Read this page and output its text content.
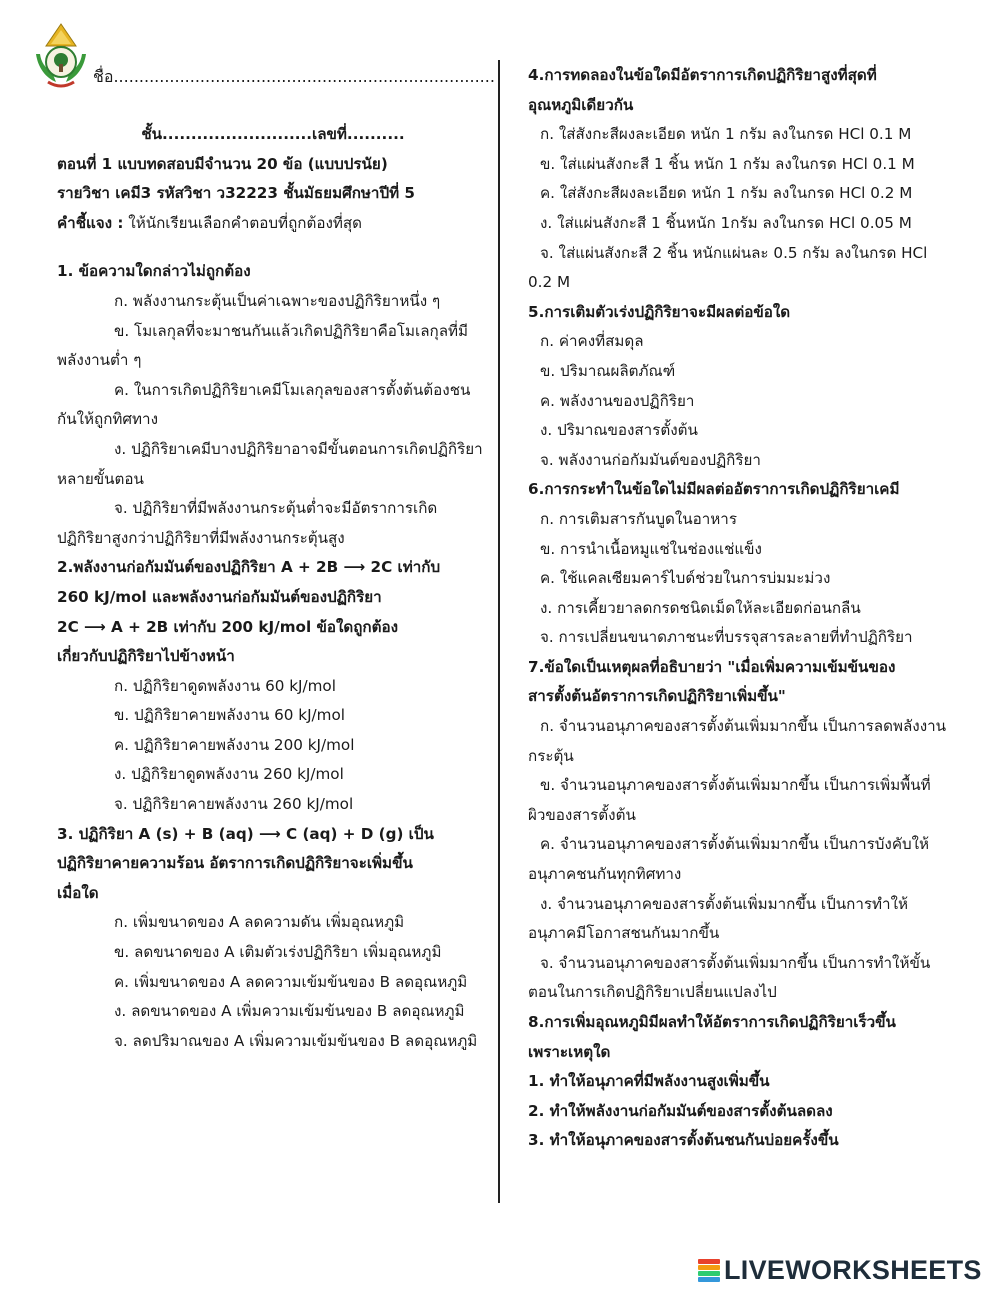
ชื่อ...........................................................................
ชั้น..........................เลขที่..........
ตอนที่ 1 แบบทดสอบมีจำนวน 20 ข้อ (แบบปรนัย)
รายวิชา เคมี3 รหัสวิชา ว32223 ชั้นมัธยมศึกษาปีที่ 5
คำชี้แจง : ให้นักเรียนเลือกคำตอบที่ถูกต้องที่สุด
1. ข้อความใดกล่าวไม่ถูกต้อง
ก. พลังงานกระตุ้นเป็นค่าเฉพาะของปฏิกิริยาหนึ่ง ๆ
ข. โมเลกุลที่จะมาชนกันแล้วเกิดปฏิกิริยาคือโมเลกุลที่มีพลังงานต่ำ ๆ
ค. ในการเกิดปฏิกิริยาเคมีโมเลกุลของสารตั้งต้นต้องชนกันให้ถูกทิศทาง
ง. ปฏิกิริยาเคมีบางปฏิกิริยาอาจมีขั้นตอนการเกิดปฏิกิริยาหลายขั้นตอน
จ. ปฏิกิริยาที่มีพลังงานกระตุ้นต่ำจะมีอัตราการเกิดปฏิกิริยาสูงกว่าปฏิกิริยาที่มีพลังงานกระตุ้นสูง
2.พลังงานก่อกัมมันต์ของปฏิกิริยา A + 2B ⟶ 2C เท่ากับ
260 kJ/mol และพลังงานก่อกัมมันต์ของปฏิกิริยา
2C ⟶ A + 2B เท่ากับ 200 kJ/mol ข้อใดถูกต้อง
เกี่ยวกับปฏิกิริยาไปข้างหน้า
ก. ปฏิกิริยาดูดพลังงาน 60 kJ/mol
ข. ปฏิกิริยาคายพลังงาน 60 kJ/mol
ค. ปฏิกิริยาคายพลังงาน 200 kJ/mol
ง. ปฏิกิริยาดูดพลังงาน 260 kJ/mol
จ. ปฏิกิริยาคายพลังงาน 260 kJ/mol
3. ปฏิกิริยา A (s) + B (aq) ⟶ C (aq) + D (g) เป็น
ปฏิกิริยาคายความร้อน อัตราการเกิดปฏิกิริยาจะเพิ่มขึ้น
เมื่อใด
ก. เพิ่มขนาดของ A ลดความดัน เพิ่มอุณหภูมิ
ข. ลดขนาดของ A เติมตัวเร่งปฏิกิริยา เพิ่มอุณหภูมิ
ค. เพิ่มขนาดของ A ลดความเข้มข้นของ B ลดอุณหภูมิ
ง. ลดขนาดของ A เพิ่มความเข้มข้นของ B ลดอุณหภูมิ
จ. ลดปริมาณของ A เพิ่มความเข้มข้นของ B ลดอุณหภูมิ
4.การทดลองในข้อใดมีอัตราการเกิดปฏิกิริยาสูงที่สุดที่
อุณหภูมิเดียวกัน
ก. ใส่สังกะสีผงละเอียด หนัก 1 กรัม ลงในกรด HCl 0.1 M
ข. ใส่แผ่นสังกะสี 1 ชิ้น หนัก 1 กรัม ลงในกรด HCl 0.1 M
ค. ใส่สังกะสีผงละเอียด หนัก 1 กรัม ลงในกรด HCl 0.2 M
ง. ใส่แผ่นสังกะสี 1 ชิ้นหนัก 1กรัม ลงในกรด HCl 0.05 M
จ. ใส่แผ่นสังกะสี 2 ชิ้น หนักแผ่นละ 0.5 กรัม ลงในกรด HCl 0.2 M
5.การเติมตัวเร่งปฏิกิริยาจะมีผลต่อข้อใด
ก. ค่าคงที่สมดุล
ข. ปริมาณผลิตภัณฑ์
ค. พลังงานของปฏิกิริยา
ง. ปริมาณของสารตั้งต้น
จ. พลังงานก่อกัมมันต์ของปฏิกิริยา
6.การกระทำในข้อใดไม่มีผลต่ออัตราการเกิดปฏิกิริยาเคมี
ก. การเติมสารกันบูดในอาหาร
ข. การนำเนื้อหมูแช่ในช่องแช่แข็ง
ค. ใช้แคลเซียมคาร์ไบด์ช่วยในการบ่มมะม่วง
ง. การเคี้ยวยาลดกรดชนิดเม็ดให้ละเอียดก่อนกลืน
จ. การเปลี่ยนขนาดภาชนะที่บรรจุสารละลายที่ทำปฏิกิริยา
7.ข้อใดเป็นเหตุผลที่อธิบายว่า "เมื่อเพิ่มความเข้มข้นของ
สารตั้งต้นอัตราการเกิดปฏิกิริยาเพิ่มขึ้น"
ก. จำนวนอนุภาคของสารตั้งต้นเพิ่มมากขึ้น เป็นการลดพลังงานกระตุ้น
ข. จำนวนอนุภาคของสารตั้งต้นเพิ่มมากขึ้น เป็นการเพิ่มพื้นที่ผิวของสารตั้งต้น
ค. จำนวนอนุภาคของสารตั้งต้นเพิ่มมากขึ้น เป็นการบังคับให้อนุภาคชนกันทุกทิศทาง
ง. จำนวนอนุภาคของสารตั้งต้นเพิ่มมากขึ้น เป็นการทำให้อนุภาคมีโอกาสชนกันมากขึ้น
จ. จำนวนอนุภาคของสารตั้งต้นเพิ่มมากขึ้น เป็นการทำให้ขั้นตอนในการเกิดปฏิกิริยาเปลี่ยนแปลงไป
8.การเพิ่มอุณหภูมิมีผลทำให้อัตราการเกิดปฏิกิริยาเร็วขึ้น
เพราะเหตุใด
1. ทำให้อนุภาคที่มีพลังงานสูงเพิ่มขึ้น
2. ทำให้พลังงานก่อกัมมันต์ของสารตั้งต้นลดลง
3. ทำให้อนุภาคของสารตั้งต้นชนกันบ่อยครั้งขึ้น
LIVEWORKSHEETS
